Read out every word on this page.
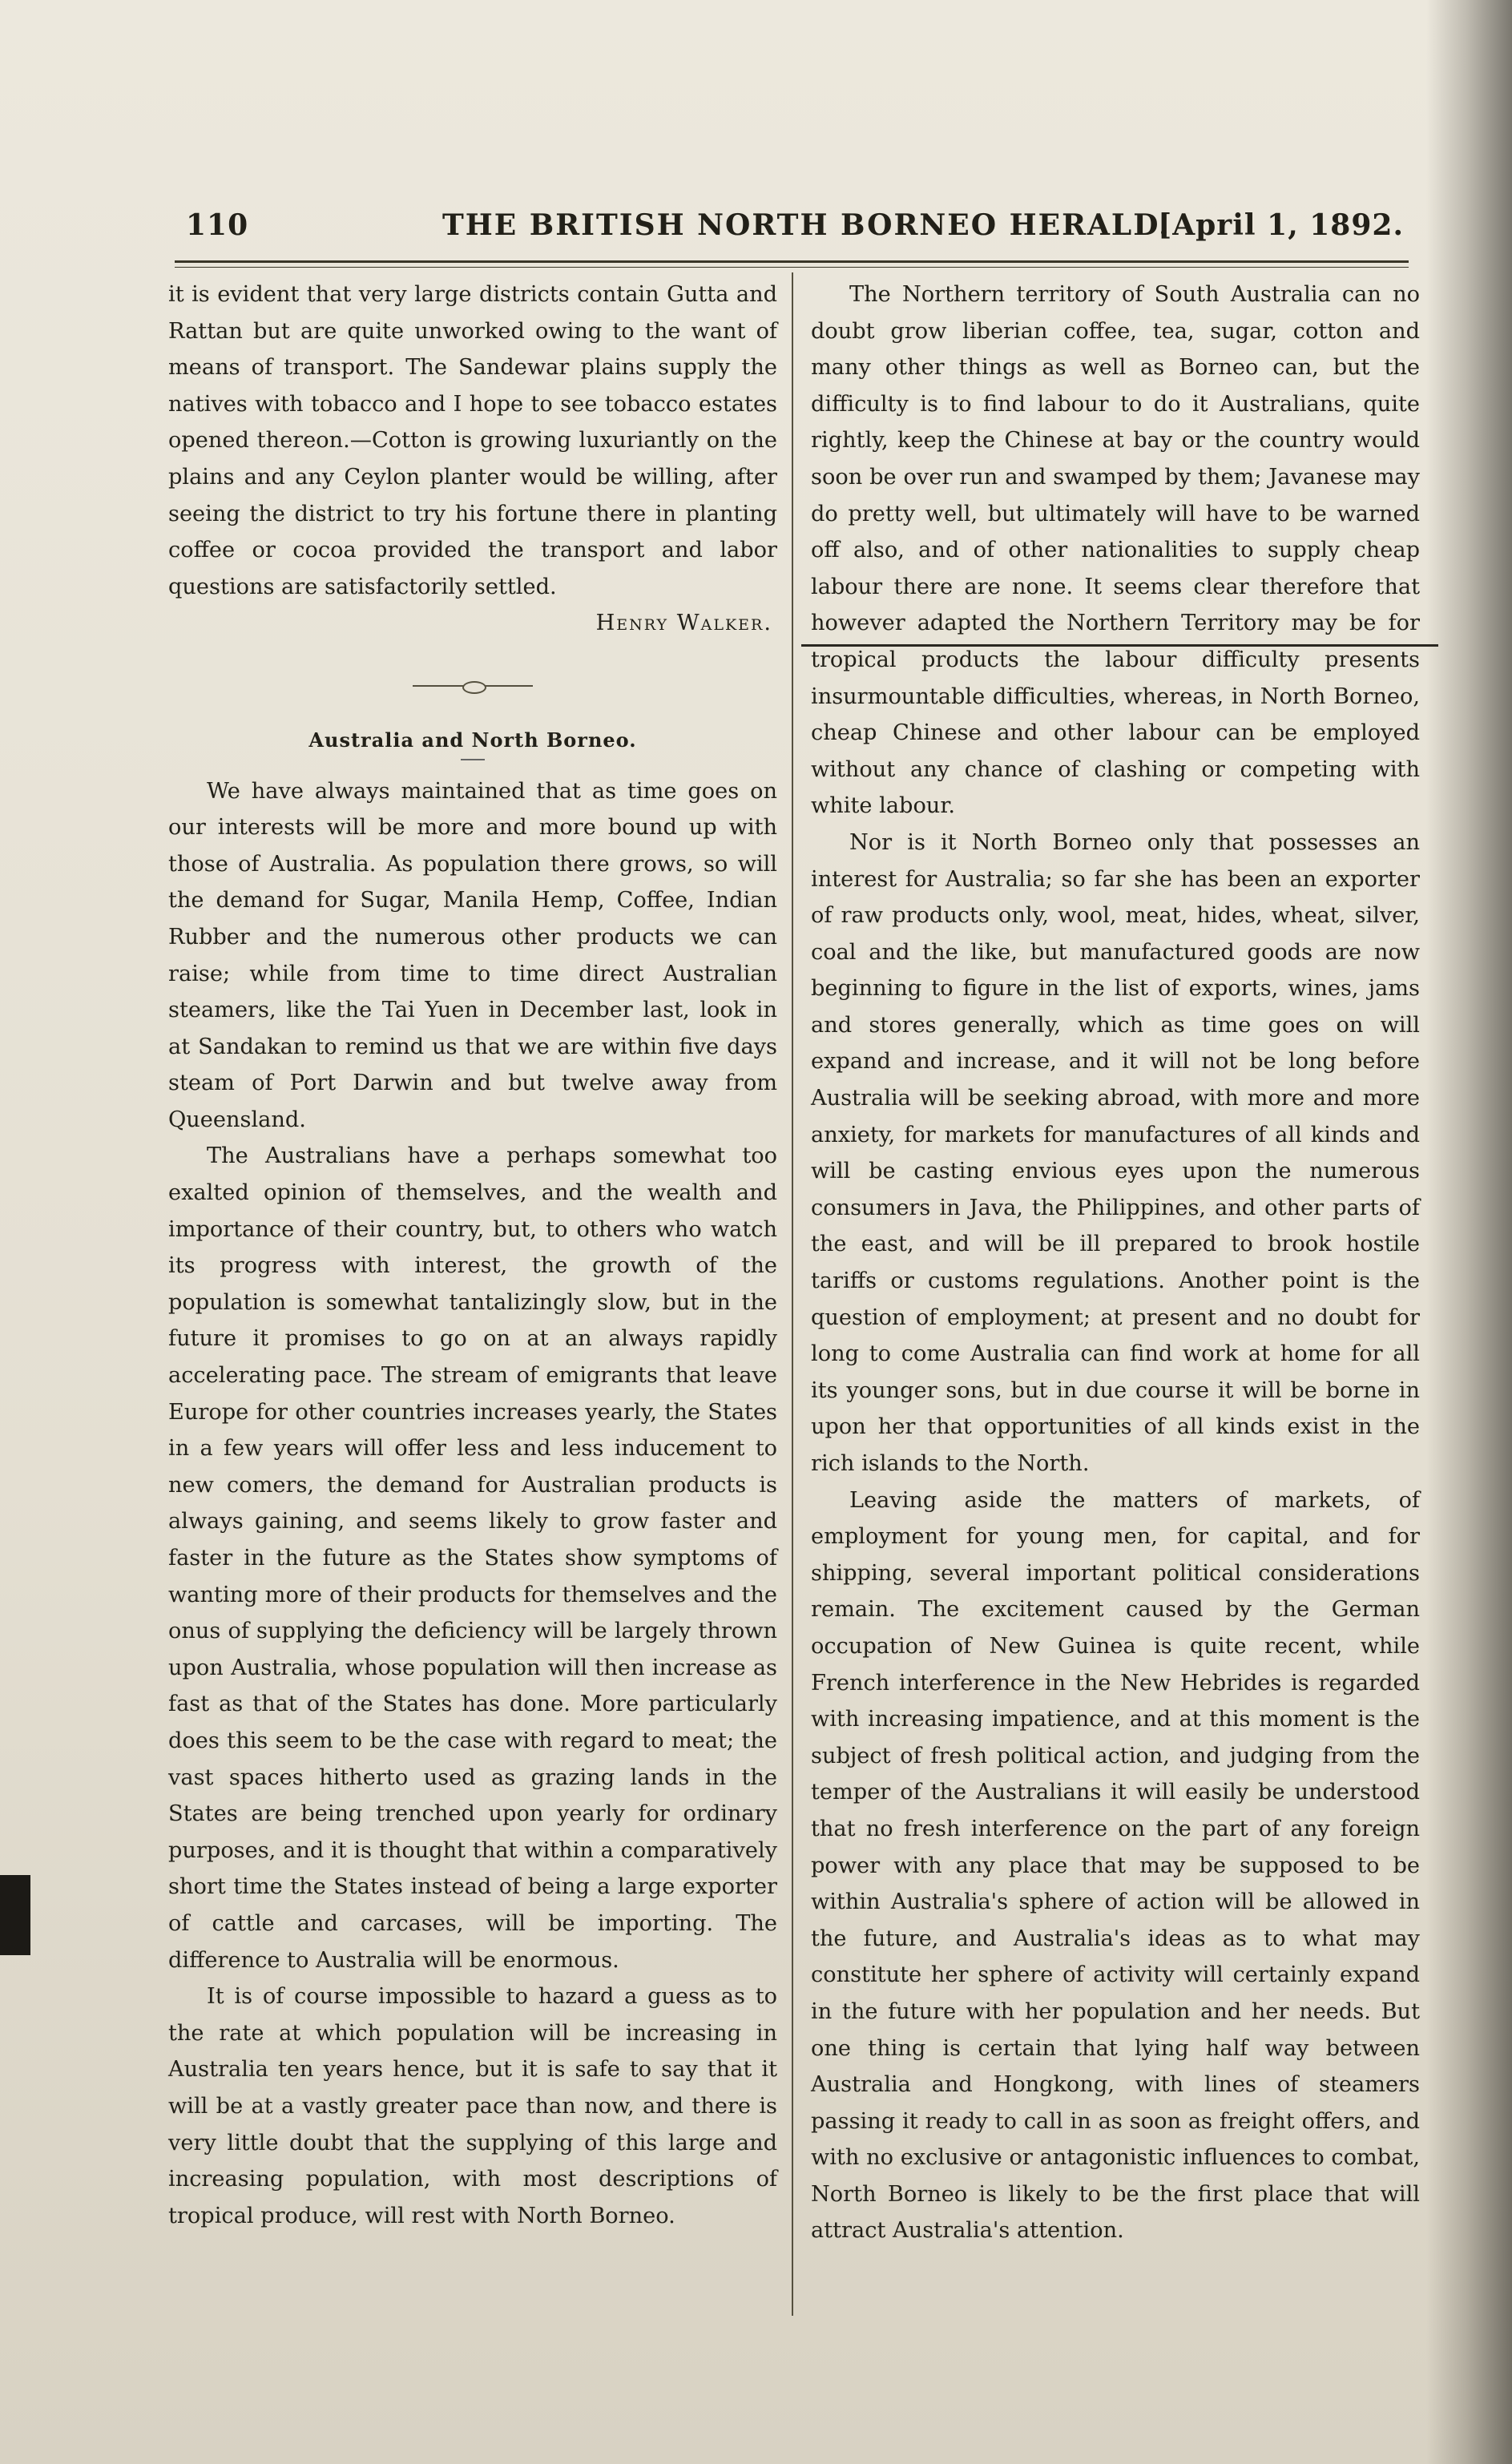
110	THE BRITISH NORTH BORNEO HERALD.
[April 1, 1892.

it is evident that very large districts contain Gutta and Rattan but are quite unworked owing to the want of means of transport. The Sandewar plains supply the natives with tobacco and I hope to see tobacco estates opened thereon.—Cotton is growing luxuriantly on the plains and any Ceylon planter would be willing, after seeing the district to try his fortune there in planting coffee or cocoa provided the transport and labor questions are satisfactorily settled.

Henry Walker.

Australia and North Borneo.

We have always maintained that as time goes on our interests will be more and more bound up with those of Australia. As population there grows, so will the demand for Sugar, Manila Hemp, Coffee, Indian Rubber and the numerous other products we can raise; while from time to time direct Australian steamers, like the Tai Yuen in December last, look in at Sandakan to remind us that we are within five days steam of Port Darwin and but twelve away from Queensland.

The Australians have a perhaps somewhat too exalted opinion of themselves, and the wealth and importance of their country, but, to others who watch its progress with interest, the growth of the population is somewhat tantalizingly slow, but in the future it promises to go on at an always rapidly accelerating pace. The stream of emigrants that leave Europe for other countries increases yearly, the States in a few years will offer less and less inducement to new comers, the demand for Australian products is always gaining, and seems likely to grow faster and faster in the future as the States show symptoms of wanting more of their products for themselves and the onus of supplying the deficiency will be largely thrown upon Australia, whose population will then increase as fast as that of the States has done. More particularly does this seem to be the case with regard to meat; the vast spaces hitherto used as grazing lands in the States are being trenched upon yearly for ordinary purposes, and it is thought that within a comparatively short time the States instead of being a large exporter of cattle and carcases, will be importing. The difference to Australia will be enormous.

It is of course impossible to hazard a guess as to the rate at which population will be increasing in Australia ten years hence, but it is safe to say that it will be at a vastly greater pace than now, and there is very little doubt that the supplying of this large and increasing population, with most descriptions of tropical produce, will rest with North Borneo.

The Northern territory of South Australia can no doubt grow liberian coffee, tea, sugar, cotton and many other things as well as Borneo can, but the difficulty is to find labour to do it Australians, quite rightly, keep the Chinese at bay or the country would soon be over run and swamped by them; Javanese may do pretty well, but ultimately will have to be warned off also, and of other nationalities to supply cheap labour there are none. It seems clear therefore that however adapted the Northern Territory may be for tropical products the labour difficulty presents insurmountable difficulties, whereas, in North Borneo, cheap Chinese and other labour can be employed without any chance of clashing or competing with white labour.

Nor is it North Borneo only that possesses an interest for Australia; so far she has been an exporter of raw products only, wool, meat, hides, wheat, silver, coal and the like, but manufactured goods are now beginning to figure in the list of exports, wines, jams and stores generally, which as time goes on will expand and increase, and it will not be long before Australia will be seeking abroad, with more and more anxiety, for markets for manufactures of all kinds and will be casting envious eyes upon the numerous consumers in Java, the Philippines, and other parts of the east, and will be ill prepared to brook hostile tariffs or customs regulations. Another point is the question of employment; at present and no doubt for long to come Australia can find work at home for all its younger sons, but in due course it will be borne in upon her that opportunities of all kinds exist in the rich islands to the North.

Leaving aside the matters of markets, of employment for young men, for capital, and for shipping, several important political considerations remain. The excitement caused by the German occupation of New Guinea is quite recent, while French interference in the New Hebrides is regarded with increasing impatience, and at this moment is the subject of fresh political action, and judging from the temper of the Australians it will easily be understood that no fresh interference on the part of any foreign power with any place that may be supposed to be within Australia's sphere of action will be allowed in the future, and Australia's ideas as to what may constitute her sphere of activity will certainly expand in the future with her population and her needs. But one thing is certain that lying half way between Australia and Hongkong, with lines of steamers passing it ready to call in as soon as freight offers, and with no exclusive or antagonistic influences to combat, North Borneo is likely to be the first place that will attract Australia's attention.
